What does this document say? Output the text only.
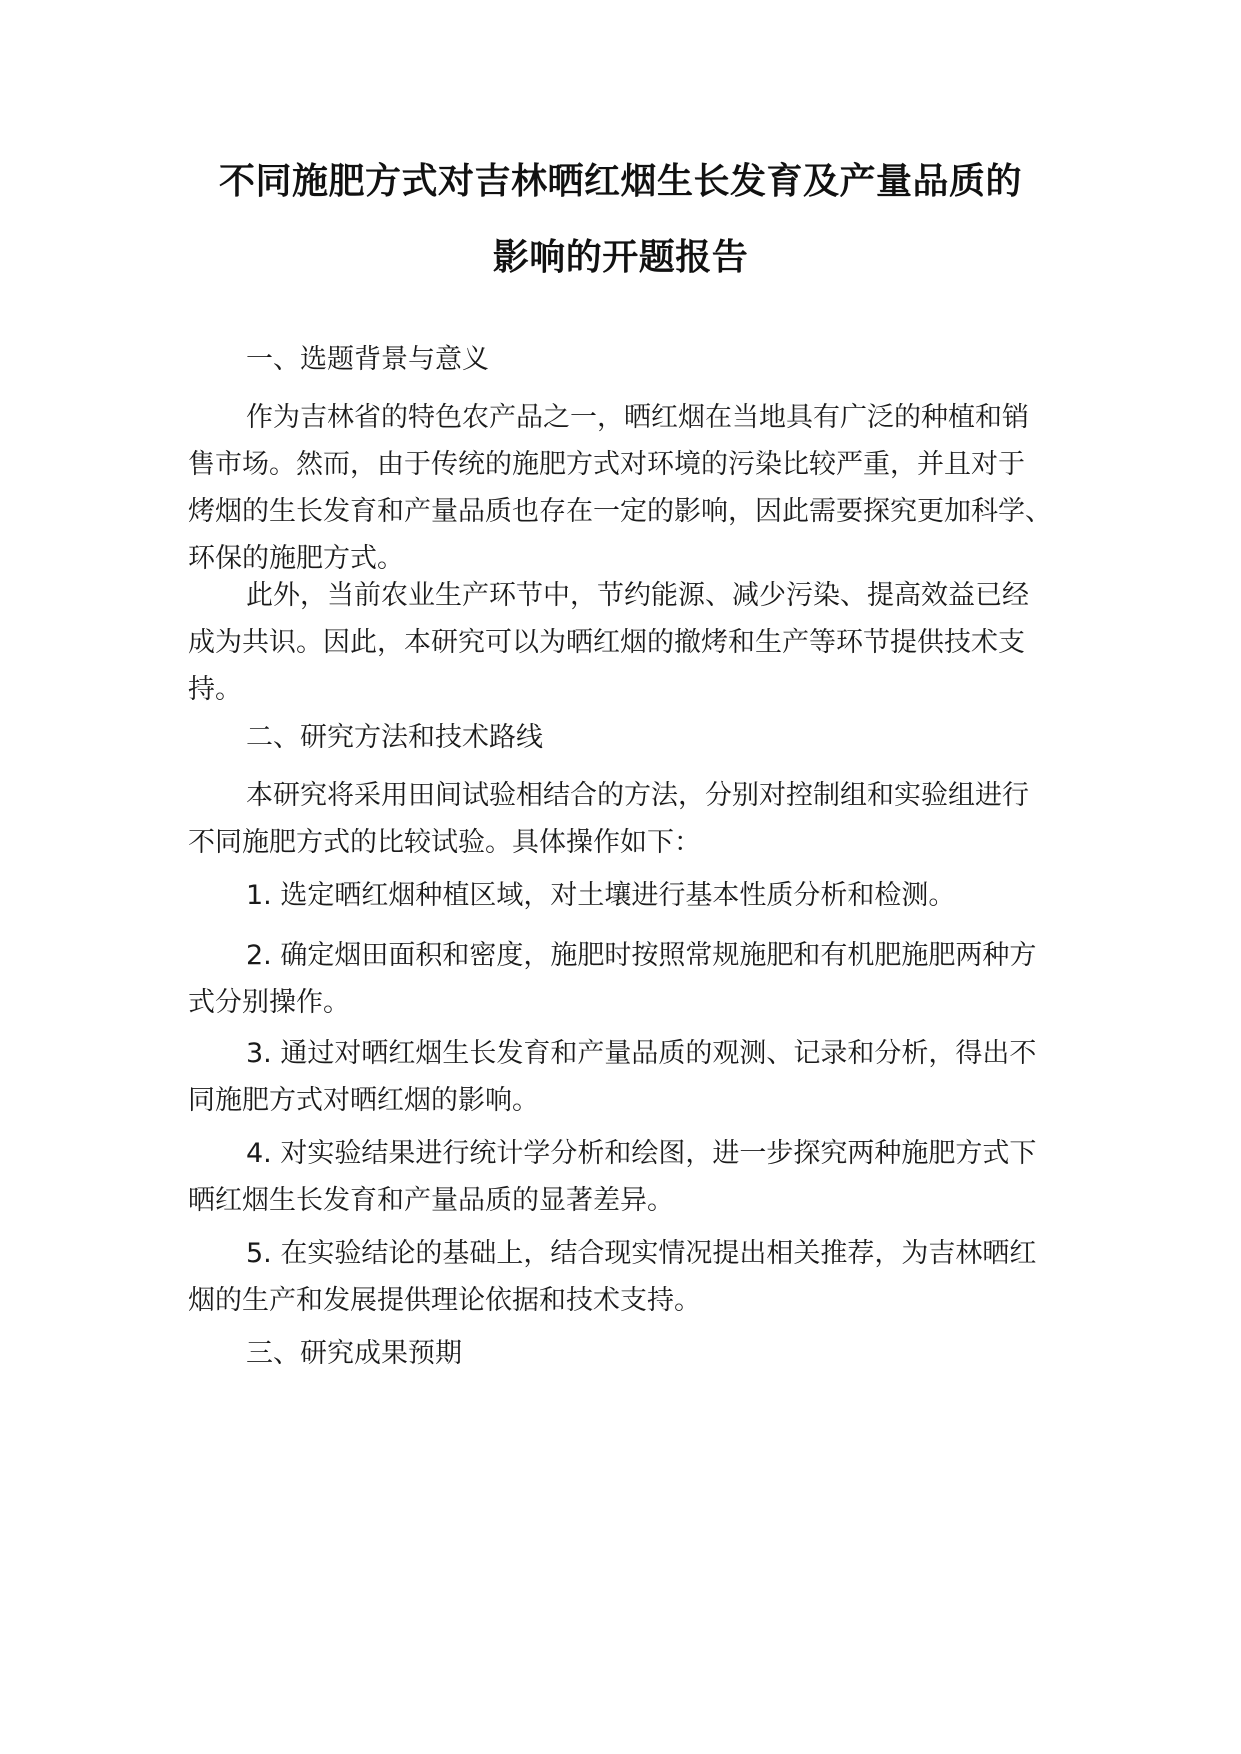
不同施肥方式对吉林晒红烟生长发育及产量品质的
影响的开题报告
一、选题背景与意义
作为吉林省的特色农产品之一，晒红烟在当地具有广泛的种植和销
售市场。然而，由于传统的施肥方式对环境的污染比较严重，并且对于
烤烟的生长发育和产量品质也存在一定的影响，因此需要探究更加科学、
环保的施肥方式。
此外，当前农业生产环节中，节约能源、减少污染、提高效益已经
成为共识。因此，本研究可以为晒红烟的撤烤和生产等环节提供技术支
持。
二、研究方法和技术路线
本研究将采用田间试验相结合的方法，分别对控制组和实验组进行
不同施肥方式的比较试验。具体操作如下：
1. 选定晒红烟种植区域，对土壤进行基本性质分析和检测。
2. 确定烟田面积和密度，施肥时按照常规施肥和有机肥施肥两种方
式分别操作。
3. 通过对晒红烟生长发育和产量品质的观测、记录和分析，得出不
同施肥方式对晒红烟的影响。
4. 对实验结果进行统计学分析和绘图，进一步探究两种施肥方式下
晒红烟生长发育和产量品质的显著差异。
5. 在实验结论的基础上，结合现实情况提出相关推荐，为吉林晒红
烟的生产和发展提供理论依据和技术支持。
三、研究成果预期
